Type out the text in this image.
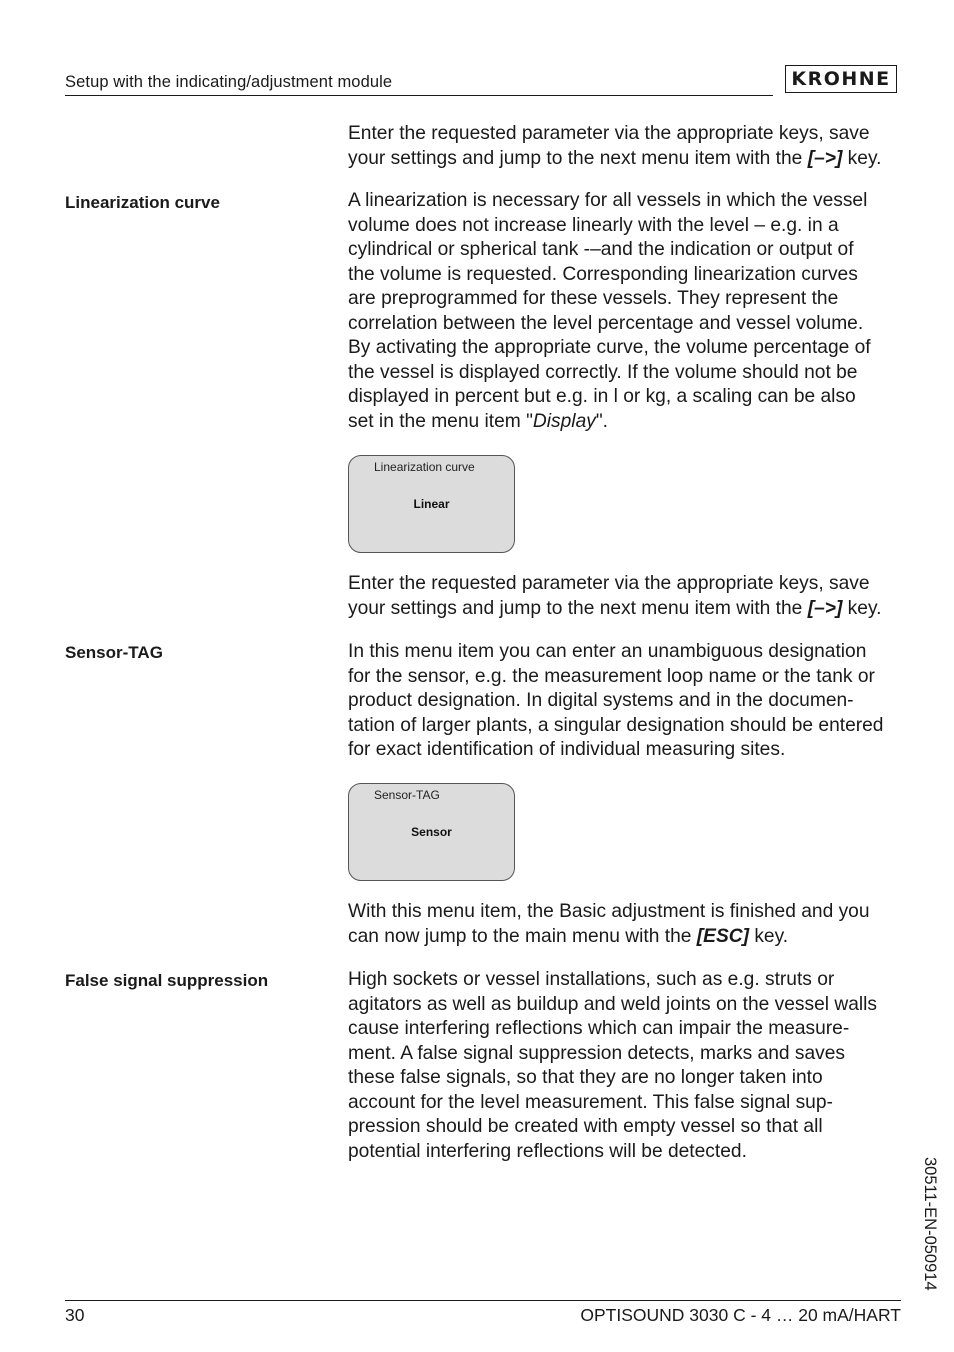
Setup with the indicating/adjustment module	KROHNE

Enter the requested parameter via the appropriate keys, save
your settings and jump to the next menu item with the [–>] key.

Linearization curve	A linearization is necessary for all vessels in which the vessel
volume does not increase linearly with the level – e.g. in a
cylindrical or spherical tank -–and the indication or output of
the volume is requested. Corresponding linearization curves
are preprogrammed for these vessels. They represent the
correlation between the level percentage and vessel volume.
By activating the appropriate curve, the volume percentage of
the vessel is displayed correctly. If the volume should not be
displayed in percent but e.g. in l or kg, a scaling can be also
set in the menu item "Display".

Linearization curve
Linear

Enter the requested parameter via the appropriate keys, save
your settings and jump to the next menu item with the [–>] key.

Sensor-TAG	In this menu item you can enter an unambiguous designation
for the sensor, e.g. the measurement loop name or the tank or
product designation. In digital systems and in the documen-
tation of larger plants, a singular designation should be entered
for exact identification of individual measuring sites.

Sensor-TAG
Sensor

With this menu item, the Basic adjustment is finished and you
can now jump to the main menu with the [ESC] key.

False signal suppression	High sockets or vessel installations, such as e.g. struts or
agitators as well as buildup and weld joints on the vessel walls
cause interfering reflections which can impair the measure-
ment. A false signal suppression detects, marks and saves
these false signals, so that they are no longer taken into
account for the level measurement. This false signal sup-
pression should be created with empty vessel so that all
potential interfering reflections will be detected.

30511-EN-050914
30	OPTISOUND 3030 C - 4 … 20 mA/HART
